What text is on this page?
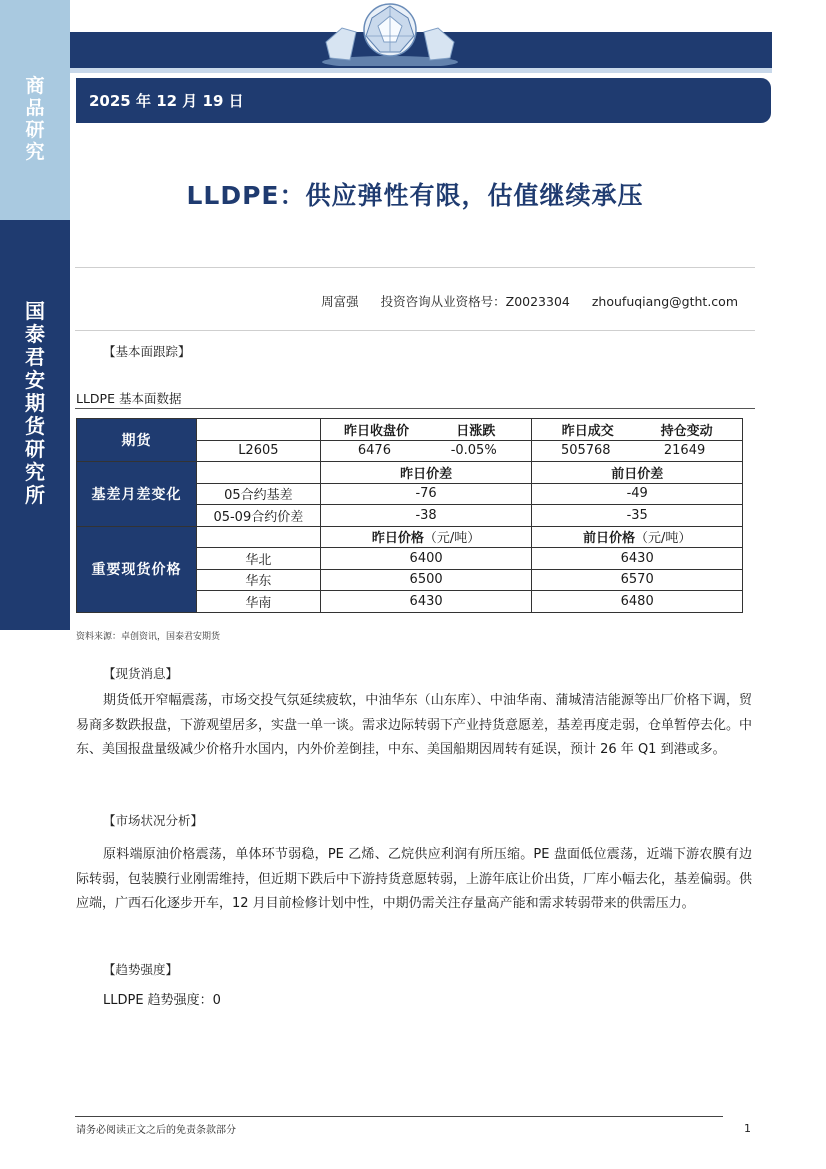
商
品
研
究
国
泰
君
安
期
货
研
究
所
2025 年 12 月 19 日
LLDPE：供应弹性有限，估值继续承压
周富强 投资咨询从业资格号：Z0023304 zhoufuqiang@gtht.com
【基本面跟踪】
LLDPE 基本面数据
期货		昨日收盘价 日涨跌	昨日成交 持仓变动
	L2605	6476 -0.05%	505768 21649
基差月差变化		昨日价差	前日价差
	05合约基差	-76	-49
	05-09合约价差	-38	-35
重要现货价格		昨日价格（元/吨）	前日价格（元/吨）
	华北	6400	6430
	华东	6500	6570
	华南	6430	6480
资料来源：卓创资讯，国泰君安期货
【现货消息】
期货低开窄幅震荡，市场交投气氛延续疲软，中油华东（山东库）、中油华南、蒲城清洁能源等出厂价格下调，贸易商多数跌报盘，下游观望居多，实盘一单一谈。需求边际转弱下产业持货意愿差，基差再度走弱，仓单暂停去化。中东、美国报盘量级减少价格升水国内，内外价差倒挂，中东、美国船期因周转有延误，预计 26 年 Q1 到港或多。
【市场状况分析】
原料端原油价格震荡，单体环节弱稳，PE 乙烯、乙烷供应利润有所压缩。PE 盘面低位震荡，近端下游农膜有边际转弱，包装膜行业刚需维持，但近期下跌后中下游持货意愿转弱，上游年底让价出货，厂库小幅去化，基差偏弱。供应端，广西石化逐步开车，12 月目前检修计划中性，中期仍需关注存量高产能和需求转弱带来的供需压力。
【趋势强度】
LLDPE 趋势强度：0
请务必阅读正文之后的免责条款部分	1
